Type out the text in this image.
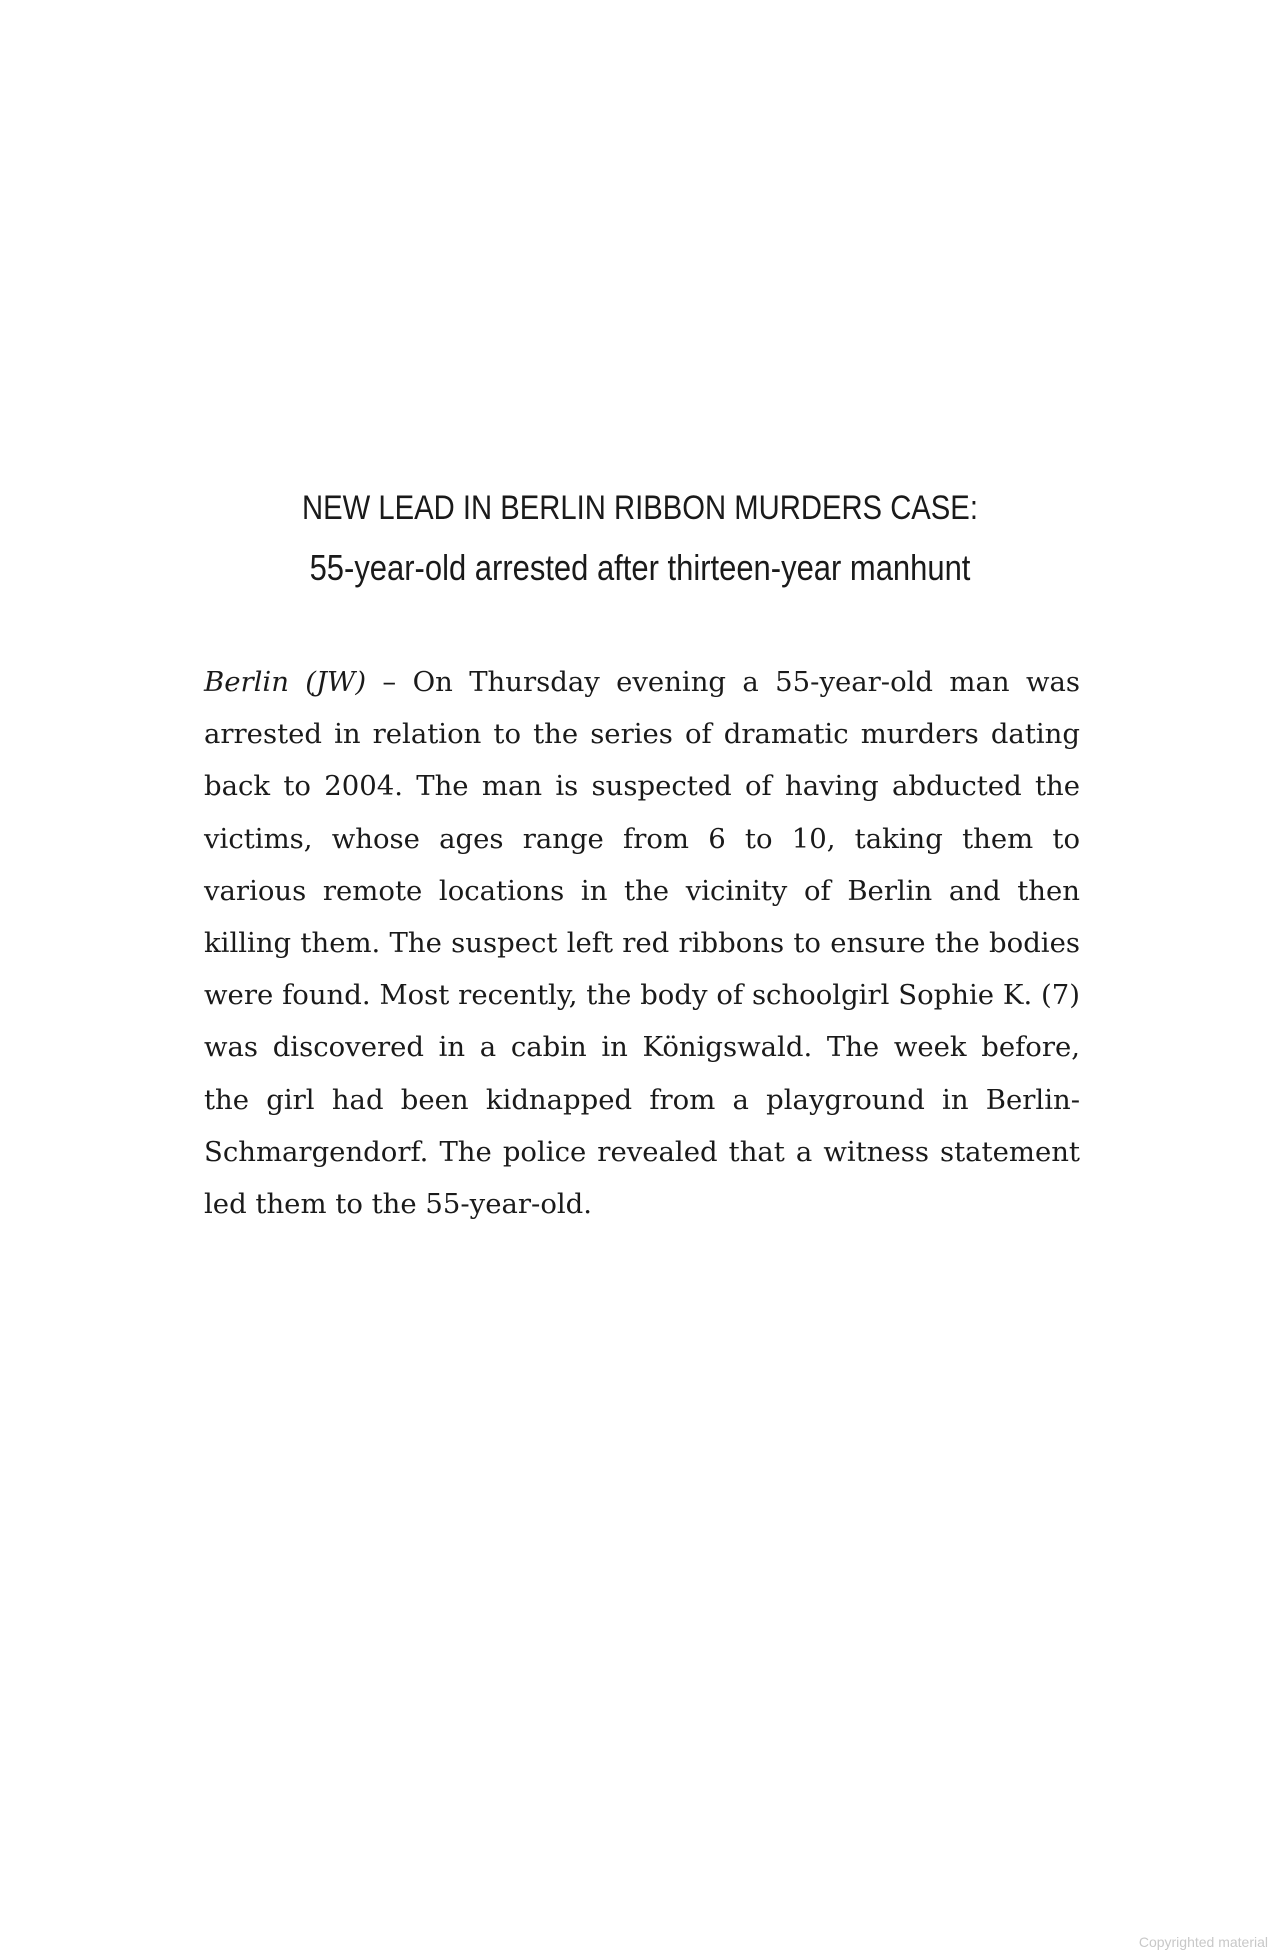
NEW LEAD IN BERLIN RIBBON MURDERS CASE:
55-year-old arrested after thirteen-year manhunt

Berlin (JW) – On Thursday evening a 55-year-old man was arrested in relation to the series of dramatic murders dating back to 2004. The man is suspected of having abducted the victims, whose ages range from 6 to 10, taking them to various remote locations in the vicinity of Berlin and then killing them. The suspect left red ribbons to ensure the bodies were found. Most recently, the body of schoolgirl Sophie K. (7) was discovered in a cabin in Königswald. The week before, the girl had been kidnapped from a playground in Berlin-Schmargendorf. The police revealed that a witness statement led them to the 55-year-old.

Copyrighted material
